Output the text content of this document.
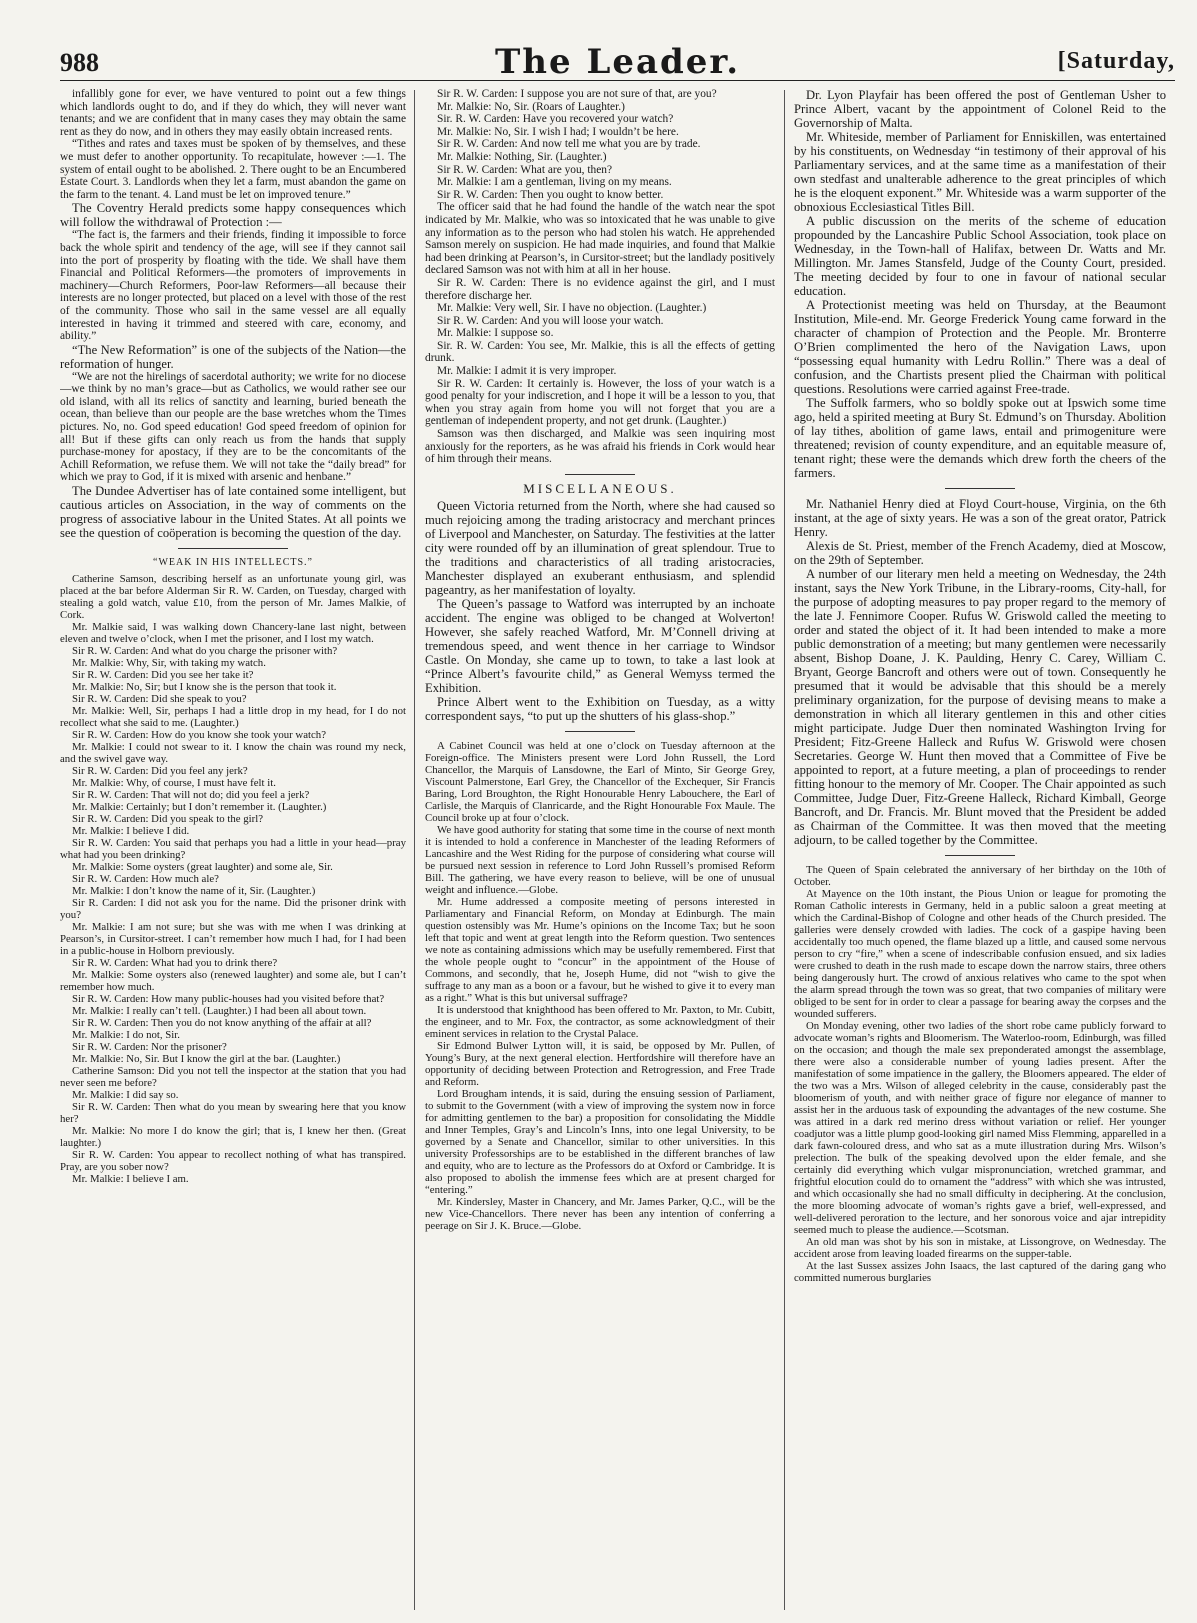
988	The Leader.	[Saturday,

infallibly gone for ever, we have ventured to point out a few things which landlords ought to do, and if they do which, they will never want tenants; and we are confident that in many cases they may obtain the same rent as they do now, and in others they may easily obtain increased rents.

“Tithes and rates and taxes must be spoken of by themselves, and these we must defer to another opportunity. To recapitulate, however :—1. The system of entail ought to be abolished. 2. There ought to be an Encumbered Estate Court. 3. Landlords when they let a farm, must abandon the game on the farm to the tenant. 4. Land must be let on improved tenure.”

The Coventry Herald predicts some happy consequences which will follow the withdrawal of Protection :—

“The fact is, the farmers and their friends, finding it impossible to force back the whole spirit and tendency of the age, will see if they cannot sail into the port of prosperity by floating with the tide. We shall have them Financial and Political Reformers—the promoters of improvements in machinery—Church Reformers, Poor-law Reformers—all because their interests are no longer protected, but placed on a level with those of the rest of the community. Those who sail in the same vessel are all equally interested in having it trimmed and steered with care, economy, and ability.”

“The New Reformation” is one of the subjects of the Nation—the reformation of hunger.

“We are not the hirelings of sacerdotal authority; we write for no diocese—we think by no man’s grace—but as Catholics, we would rather see our old island, with all its relics of sanctity and learning, buried beneath the ocean, than believe than our people are the base wretches whom the Times pictures. No, no. God speed education! God speed freedom of opinion for all! But if these gifts can only reach us from the hands that supply purchase-money for apostacy, if they are to be the concomitants of the Achill Reformation, we refuse them. We will not take the “daily bread” for which we pray to God, if it is mixed with arsenic and henbane.”

The Dundee Advertiser has of late contained some intelligent, but cautious articles on Association, in the way of comments on the progress of associative labour in the United States. At all points we see the question of coöperation is becoming the question of the day.

“WEAK IN HIS INTELLECTS.”

Catherine Samson, describing herself as an unfortunate young girl, was placed at the bar before Alderman Sir R. W. Carden, on Tuesday, charged with stealing a gold watch, value £10, from the person of Mr. James Malkie, of Cork.

Mr. Malkie said, I was walking down Chancery-lane last night, between eleven and twelve o’clock, when I met the prisoner, and I lost my watch.

Sir R. W. Carden: And what do you charge the prisoner with?

Mr. Malkie: Why, Sir, with taking my watch.

Sir R. W. Carden: Did you see her take it?

Mr. Malkie: No, Sir; but I know she is the person that took it.

Sir R. W. Carden: Did she speak to you?

Mr. Malkie: Well, Sir, perhaps I had a little drop in my head, for I do not recollect what she said to me. (Laughter.)

Sir R. W. Carden: How do you know she took your watch?

Mr. Malkie: I could not swear to it. I know the chain was round my neck, and the swivel gave way.

Sir R. W. Carden: Did you feel any jerk?

Mr. Malkie: Why, of course, I must have felt it.

Sir R. W. Carden: That will not do; did you feel a jerk?

Mr. Malkie: Certainly; but I don’t remember it. (Laughter.)

Sir R. W. Carden: Did you speak to the girl?

Mr. Malkie: I believe I did.

Sir R. W. Carden: You said that perhaps you had a little in your head—pray what had you been drinking?

Mr. Malkie: Some oysters (great laughter) and some ale, Sir.

Sir R. W. Carden: How much ale?

Mr. Malkie: I don’t know the name of it, Sir. (Laughter.)

Sir R. Carden: I did not ask you for the name. Did the prisoner drink with you?

Mr. Malkie: I am not sure; but she was with me when I was drinking at Pearson’s, in Cursitor-street. I can’t remember how much I had, for I had been in a public-house in Holborn previously.

Sir R. W. Carden: What had you to drink there?

Mr. Malkie: Some oysters also (renewed laughter) and some ale, but I can’t remember how much.

Sir R. W. Carden: How many public-houses had you visited before that?

Mr. Malkie: I really can’t tell. (Laughter.) I had been all about town.

Sir R. W. Carden: Then you do not know anything of the affair at all?

Mr. Malkie: I do not, Sir.

Sir R. W. Carden: Nor the prisoner?

Mr. Malkie: No, Sir. But I know the girl at the bar. (Laughter.)

Catherine Samson: Did you not tell the inspector at the station that you had never seen me before?

Mr. Malkie: I did say so.

Sir R. W. Carden: Then what do you mean by swearing here that you know her?

Mr. Malkie: No more I do know the girl; that is, I knew her then. (Great laughter.)

Sir R. W. Carden: You appear to recollect nothing of what has transpired. Pray, are you sober now?

Mr. Malkie: I believe I am.

Sir R. W. Carden: I suppose you are not sure of that, are you?

Mr. Malkie: No, Sir. (Roars of Laughter.)

Sir. R. W. Carden: Have you recovered your watch?

Mr. Malkie: No, Sir. I wish I had; I wouldn’t be here.

Sir R. W. Carden: And now tell me what you are by trade.

Mr. Malkie: Nothing, Sir. (Laughter.)

Sir R. W. Carden: What are you, then?

Mr. Malkie: I am a gentleman, living on my means.

Sir R. W. Carden: Then you ought to know better.

The officer said that he had found the handle of the watch near the spot indicated by Mr. Malkie, who was so intoxicated that he was unable to give any information as to the person who had stolen his watch. He apprehended Samson merely on suspicion. He had made inquiries, and found that Malkie had been drinking at Pearson’s, in Cursitor-street; but the landlady positively declared Samson was not with him at all in her house.

Sir R. W. Carden: There is no evidence against the girl, and I must therefore discharge her.

Mr. Malkie: Very well, Sir. I have no objection. (Laughter.)

Sir R. W. Carden: And you will loose your watch.

Mr. Malkie: I suppose so.

Sir. R. W. Carden: You see, Mr. Malkie, this is all the effects of getting drunk.

Mr. Malkie: I admit it is very improper.

Sir R. W. Carden: It certainly is. However, the loss of your watch is a good penalty for your indiscretion, and I hope it will be a lesson to you, that when you stray again from home you will not forget that you are a gentleman of independent property, and not get drunk. (Laughter.)

Samson was then discharged, and Malkie was seen inquiring most anxiously for the reporters, as he was afraid his friends in Cork would hear of him through their means.

MISCELLANEOUS.

Queen Victoria returned from the North, where she had caused so much rejoicing among the trading aristocracy and merchant princes of Liverpool and Manchester, on Saturday. The festivities at the latter city were rounded off by an illumination of great splendour. True to the traditions and characteristics of all trading aristocracies, Manchester displayed an exuberant enthusiasm, and splendid pageantry, as her manifestation of loyalty.

The Queen’s passage to Watford was interrupted by an inchoate accident. The engine was obliged to be changed at Wolverton! However, she safely reached Watford, Mr. M’Connell driving at tremendous speed, and went thence in her carriage to Windsor Castle. On Monday, she came up to town, to take a last look at “Prince Albert’s favourite child,” as General Wemyss termed the Exhibition.

Prince Albert went to the Exhibition on Tuesday, as a witty correspondent says, “to put up the shutters of his glass-shop.”

A Cabinet Council was held at one o’clock on Tuesday afternoon at the Foreign-office. The Ministers present were Lord John Russell, the Lord Chancellor, the Marquis of Lansdowne, the Earl of Minto, Sir George Grey, Viscount Palmerstone, Earl Grey, the Chancellor of the Exchequer, Sir Francis Baring, Lord Broughton, the Right Honourable Henry Labouchere, the Earl of Carlisle, the Marquis of Clanricarde, and the Right Honourable Fox Maule. The Council broke up at four o’clock.

We have good authority for stating that some time in the course of next month it is intended to hold a conference in Manchester of the leading Reformers of Lancashire and the West Riding for the purpose of considering what course will be pursued next session in reference to Lord John Russell’s promised Reform Bill. The gathering, we have every reason to believe, will be one of unusual weight and influence.—Globe.

Mr. Hume addressed a composite meeting of persons interested in Parliamentary and Financial Reform, on Monday at Edinburgh. The main question ostensibly was Mr. Hume’s opinions on the Income Tax; but he soon left that topic and went at great length into the Reform question. Two sentences we note as containing admissions which may be usefully remembered. First that the whole people ought to “concur” in the appointment of the House of Commons, and secondly, that he, Joseph Hume, did not “wish to give the suffrage to any man as a boon or a favour, but he wished to give it to every man as a right.” What is this but universal suffrage?

It is understood that knighthood has been offered to Mr. Paxton, to Mr. Cubitt, the engineer, and to Mr. Fox, the contractor, as some acknowledgment of their eminent services in relation to the Crystal Palace.

Sir Edmond Bulwer Lytton will, it is said, be opposed by Mr. Pullen, of Young’s Bury, at the next general election. Hertfordshire will therefore have an opportunity of deciding between Protection and Retrogression, and Free Trade and Reform.

Lord Brougham intends, it is said, during the ensuing session of Parliament, to submit to the Government (with a view of improving the system now in force for admitting gentlemen to the bar) a proposition for consolidating the Middle and Inner Temples, Gray’s and Lincoln’s Inns, into one legal University, to be governed by a Senate and Chancellor, similar to other universities. In this university Professorships are to be established in the different branches of law and equity, who are to lecture as the Professors do at Oxford or Cambridge. It is also proposed to abolish the immense fees which are at present charged for “entering.”

Mr. Kindersley, Master in Chancery, and Mr. James Parker, Q.C., will be the new Vice-Chancellors. There never has been any intention of conferring a peerage on Sir J. K. Bruce.—Globe.

Dr. Lyon Playfair has been offered the post of Gentleman Usher to Prince Albert, vacant by the appointment of Colonel Reid to the Governorship of Malta.

Mr. Whiteside, member of Parliament for Enniskillen, was entertained by his constituents, on Wednesday “in testimony of their approval of his Parliamentary services, and at the same time as a manifestation of their own stedfast and unalterable adherence to the great principles of which he is the eloquent exponent.” Mr. Whiteside was a warm supporter of the obnoxious Ecclesiastical Titles Bill.

A public discussion on the merits of the scheme of education propounded by the Lancashire Public School Association, took place on Wednesday, in the Town-hall of Halifax, between Dr. Watts and Mr. Millington. Mr. James Stansfeld, Judge of the County Court, presided. The meeting decided by four to one in favour of national secular education.

A Protectionist meeting was held on Thursday, at the Beaumont Institution, Mile-end. Mr. George Frederick Young came forward in the character of champion of Protection and the People. Mr. Bronterre O’Brien complimented the hero of the Navigation Laws, upon “possessing equal humanity with Ledru Rollin.” There was a deal of confusion, and the Chartists present plied the Chairman with political questions. Resolutions were carried against Free-trade.

The Suffolk farmers, who so boldly spoke out at Ipswich some time ago, held a spirited meeting at Bury St. Edmund’s on Thursday. Abolition of lay tithes, abolition of game laws, entail and primogeniture were threatened; revision of county expenditure, and an equitable measure of, tenant right; these were the demands which drew forth the cheers of the farmers.

Mr. Nathaniel Henry died at Floyd Court-house, Virginia, on the 6th instant, at the age of sixty years. He was a son of the great orator, Patrick Henry.

Alexis de St. Priest, member of the French Academy, died at Moscow, on the 29th of September.

A number of our literary men held a meeting on Wednesday, the 24th instant, says the New York Tribune, in the Library-rooms, City-hall, for the purpose of adopting measures to pay proper regard to the memory of the late J. Fennimore Cooper. Rufus W. Griswold called the meeting to order and stated the object of it. It had been intended to make a more public demonstration of a meeting; but many gentlemen were necessarily absent, Bishop Doane, J. K. Paulding, Henry C. Carey, William C. Bryant, George Bancroft and others were out of town. Consequently he presumed that it would be advisable that this should be a merely preliminary organization, for the purpose of devising means to make a demonstration in which all literary gentlemen in this and other cities might participate. Judge Duer then nominated Washington Irving for President; Fitz-Greene Halleck and Rufus W. Griswold were chosen Secretaries. George W. Hunt then moved that a Committee of Five be appointed to report, at a future meeting, a plan of proceedings to render fitting honour to the memory of Mr. Cooper. The Chair appointed as such Committee, Judge Duer, Fitz-Greene Halleck, Richard Kimball, George Bancroft, and Dr. Francis. Mr. Blunt moved that the President be added as Chairman of the Committee. It was then moved that the meeting adjourn, to be called together by the Committee.

The Queen of Spain celebrated the anniversary of her birthday on the 10th of October.

At Mayence on the 10th instant, the Pious Union or league for promoting the Roman Catholic interests in Germany, held in a public saloon a great meeting at which the Cardinal-Bishop of Cologne and other heads of the Church presided. The galleries were densely crowded with ladies. The cock of a gaspipe having been accidentally too much opened, the flame blazed up a little, and caused some nervous person to cry “fire,” when a scene of indescribable confusion ensued, and six ladies were crushed to death in the rush made to escape down the narrow stairs, three others being dangerously hurt. The crowd of anxious relatives who came to the spot when the alarm spread through the town was so great, that two companies of military were obliged to be sent for in order to clear a passage for bearing away the corpses and the wounded sufferers.

On Monday evening, other two ladies of the short robe came publicly forward to advocate woman’s rights and Bloomerism. The Waterloo-room, Edinburgh, was filled on the occasion; and though the male sex preponderated amongst the assemblage, there were also a considerable number of young ladies present. After the manifestation of some impatience in the gallery, the Bloomers appeared. The elder of the two was a Mrs. Wilson of alleged celebrity in the cause, considerably past the bloomerism of youth, and with neither grace of figure nor elegance of manner to assist her in the arduous task of expounding the advantages of the new costume. She was attired in a dark red merino dress without variation or relief. Her younger coadjutor was a little plump good-looking girl named Miss Flemming, apparelled in a dark fawn-coloured dress, and who sat as a mute illustration during Mrs. Wilson’s prelection. The bulk of the speaking devolved upon the elder female, and she certainly did everything which vulgar mispronunciation, wretched grammar, and frightful elocution could do to ornament the “address” with which she was intrusted, and which occasionally she had no small difficulty in deciphering. At the conclusion, the more blooming advocate of woman’s rights gave a brief, well-expressed, and well-delivered peroration to the lecture, and her sonorous voice and ajar intrepidity seemed much to please the audience.—Scotsman.

An old man was shot by his son in mistake, at Lissongrove, on Wednesday. The accident arose from leaving loaded firearms on the supper-table.

At the last Sussex assizes John Isaacs, the last captured of the daring gang who committed numerous burglaries
